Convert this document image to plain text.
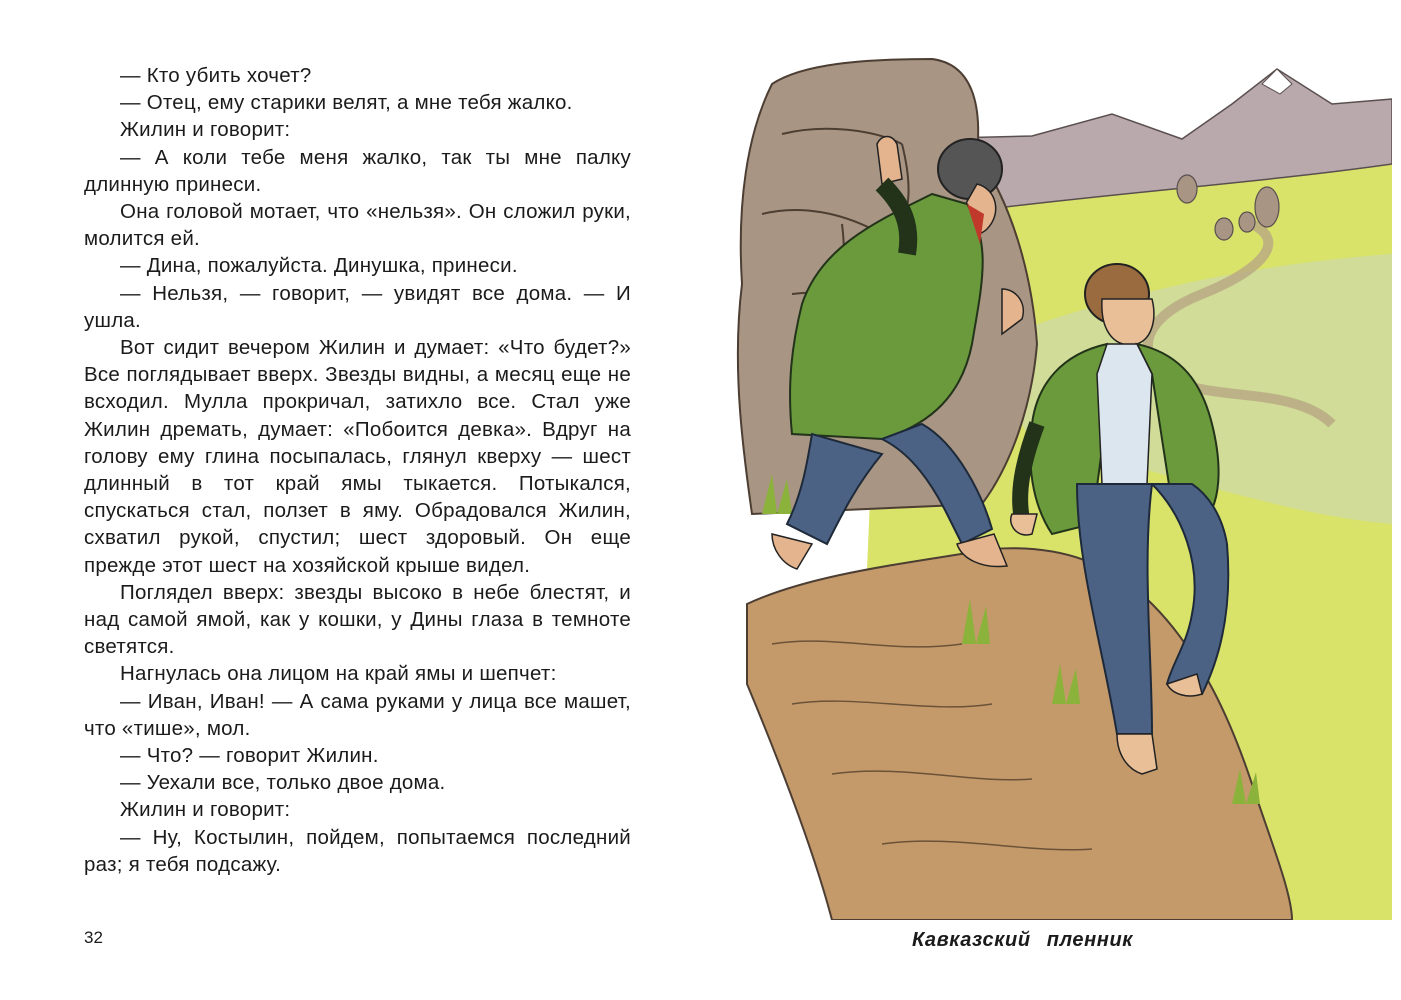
— Кто убить хочет?

— Отец, ему старики велят, а мне тебя жалко.

Жилин и говорит:

— А коли тебе меня жалко, так ты мне палку длинную принеси.

Она головой мотает, что «нельзя». Он сложил руки, молится ей.

— Дина, пожалуйста. Динушка, принеси.

— Нельзя, — говорит, — увидят все дома. — И ушла.

Вот сидит вечером Жилин и думает: «Что будет?» Все поглядывает вверх. Звезды видны, а месяц еще не всходил. Мулла прокричал, затихло все. Стал уже Жилин дремать, думает: «Побоится девка». Вдруг на голову ему глина посыпалась, глянул кверху — шест длинный в тот край ямы тыкается. Потыкался, спускаться стал, ползет в яму. Обрадовался Жилин, схватил рукой, спустил; шест здоровый. Он еще прежде этот шест на хозяйской крыше видел.

Поглядел вверх: звезды высоко в небе блестят, и над самой ямой, как у кошки, у Дины глаза в темноте светятся.

Нагнулась она лицом на край ямы и шепчет:

— Иван, Иван! — А сама руками у лица все машет, что «тише», мол.

— Что? — говорит Жилин.

— Уехали все, только двое дома.

Жилин и говорит:

— Ну, Костылин, пойдем, попытаемся последний раз; я тебя подсажу.

32	Кавказский пленник
